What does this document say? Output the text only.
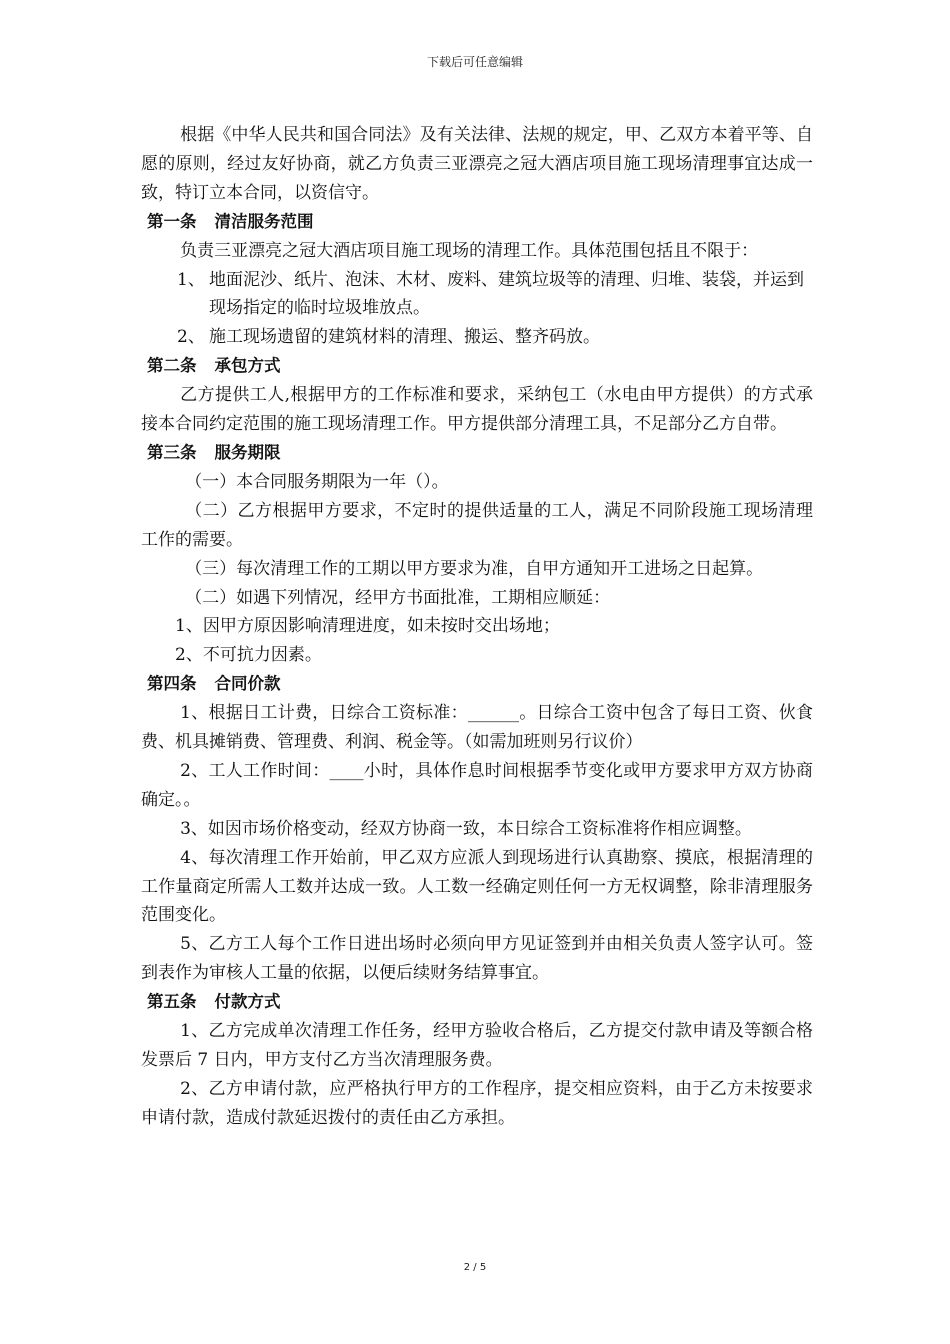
下载后可任意编辑

根据《中华人民共和国合同法》及有关法律、法规的规定，甲、乙双方本着平等、自愿的原则，经过友好协商，就乙方负责三亚漂亮之冠大酒店项目施工现场清理事宜达成一致，特订立本合同，以资信守。

第一条 清洁服务范围

负责三亚漂亮之冠大酒店项目施工现场的清理工作。具体范围包括且不限于：

1、 地面泥沙、纸片、泡沫、木材、废料、建筑垃圾等的清理、归堆、装袋，并运到现场指定的临时垃圾堆放点。
2、 施工现场遗留的建筑材料的清理、搬运、整齐码放。

第二条 承包方式

乙方提供工人,根据甲方的工作标准和要求，采纳包工（水电由甲方提供）的方式承接本合同约定范围的施工现场清理工作。甲方提供部分清理工具，不足部分乙方自带。

第三条 服务期限

（一）本合同服务期限为一年（）。

（二）乙方根据甲方要求，不定时的提供适量的工人，满足不同阶段施工现场清理工作的需要。

（三）每次清理工作的工期以甲方要求为准，自甲方通知开工进场之日起算。

（二）如遇下列情况，经甲方书面批准，工期相应顺延：

1、因甲方原因影响清理进度，如未按时交出场地；

2、不可抗力因素。

第四条 合同价款

1、根据日工计费，日综合工资标准：______。日综合工资中包含了每日工资、伙食费、机具摊销费、管理费、利润、税金等。（如需加班则另行议价）

2、工人工作时间：____小时，具体作息时间根据季节变化或甲方要求甲方双方协商确定。。

3、如因市场价格变动，经双方协商一致，本日综合工资标准将作相应调整。

4、每次清理工作开始前，甲乙双方应派人到现场进行认真勘察、摸底，根据清理的工作量商定所需人工数并达成一致。人工数一经确定则任何一方无权调整，除非清理服务范围变化。

5、乙方工人每个工作日进出场时必须向甲方见证签到并由相关负责人签字认可。签到表作为审核人工量的依据，以便后续财务结算事宜。

第五条 付款方式

1、乙方完成单次清理工作任务，经甲方验收合格后，乙方提交付款申请及等额合格发票后 7 日内，甲方支付乙方当次清理服务费。

2、乙方申请付款，应严格执行甲方的工作程序，提交相应资料，由于乙方未按要求申请付款，造成付款延迟拨付的责任由乙方承担。

2 / 5
